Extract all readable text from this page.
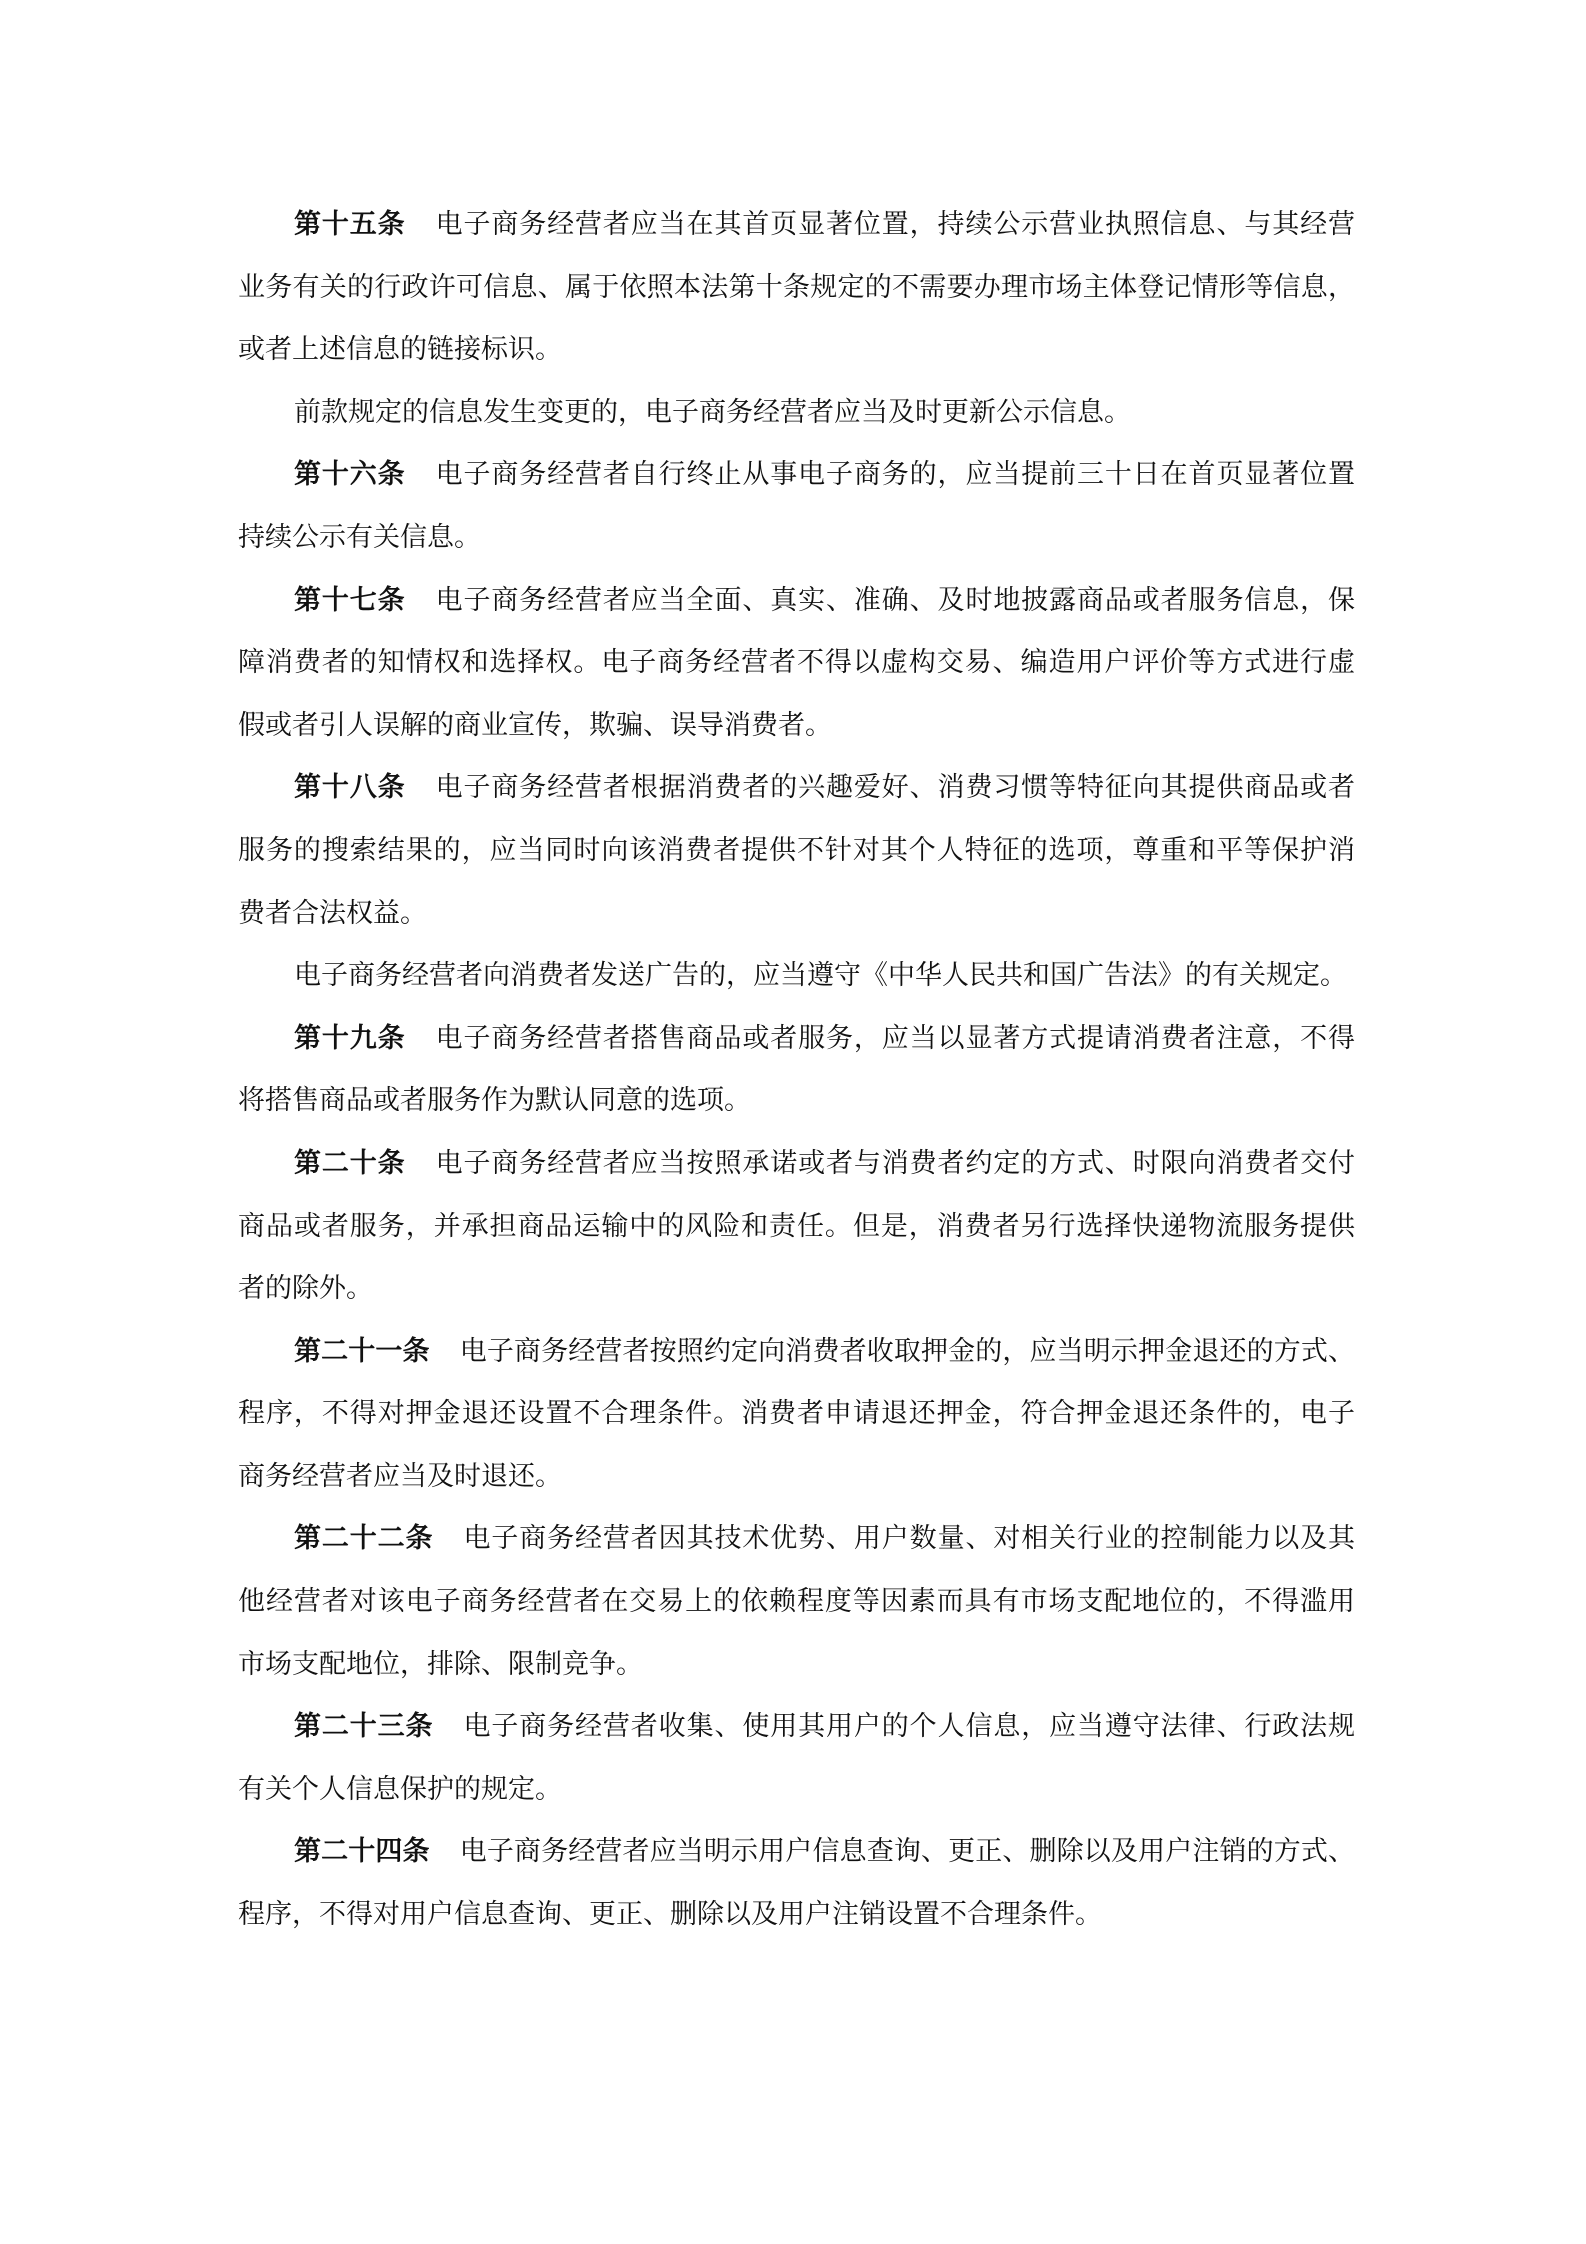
第十五条 电子商务经营者应当在其首页显著位置，持续公示营业执照信息、与其经营
业务有关的行政许可信息、属于依照本法第十条规定的不需要办理市场主体登记情形等信息，
或者上述信息的链接标识。
前款规定的信息发生变更的，电子商务经营者应当及时更新公示信息。
第十六条 电子商务经营者自行终止从事电子商务的，应当提前三十日在首页显著位置
持续公示有关信息。
第十七条 电子商务经营者应当全面、真实、准确、及时地披露商品或者服务信息，保
障消费者的知情权和选择权。电子商务经营者不得以虚构交易、编造用户评价等方式进行虚
假或者引人误解的商业宣传，欺骗、误导消费者。
第十八条 电子商务经营者根据消费者的兴趣爱好、消费习惯等特征向其提供商品或者
服务的搜索结果的，应当同时向该消费者提供不针对其个人特征的选项，尊重和平等保护消
费者合法权益。
电子商务经营者向消费者发送广告的，应当遵守《中华人民共和国广告法》的有关规定。
第十九条 电子商务经营者搭售商品或者服务，应当以显著方式提请消费者注意，不得
将搭售商品或者服务作为默认同意的选项。
第二十条 电子商务经营者应当按照承诺或者与消费者约定的方式、时限向消费者交付
商品或者服务，并承担商品运输中的风险和责任。但是，消费者另行选择快递物流服务提供
者的除外。
第二十一条 电子商务经营者按照约定向消费者收取押金的，应当明示押金退还的方式、
程序，不得对押金退还设置不合理条件。消费者申请退还押金，符合押金退还条件的，电子
商务经营者应当及时退还。
第二十二条 电子商务经营者因其技术优势、用户数量、对相关行业的控制能力以及其
他经营者对该电子商务经营者在交易上的依赖程度等因素而具有市场支配地位的，不得滥用
市场支配地位，排除、限制竞争。
第二十三条 电子商务经营者收集、使用其用户的个人信息，应当遵守法律、行政法规
有关个人信息保护的规定。
第二十四条 电子商务经营者应当明示用户信息查询、更正、删除以及用户注销的方式、
程序，不得对用户信息查询、更正、删除以及用户注销设置不合理条件。
